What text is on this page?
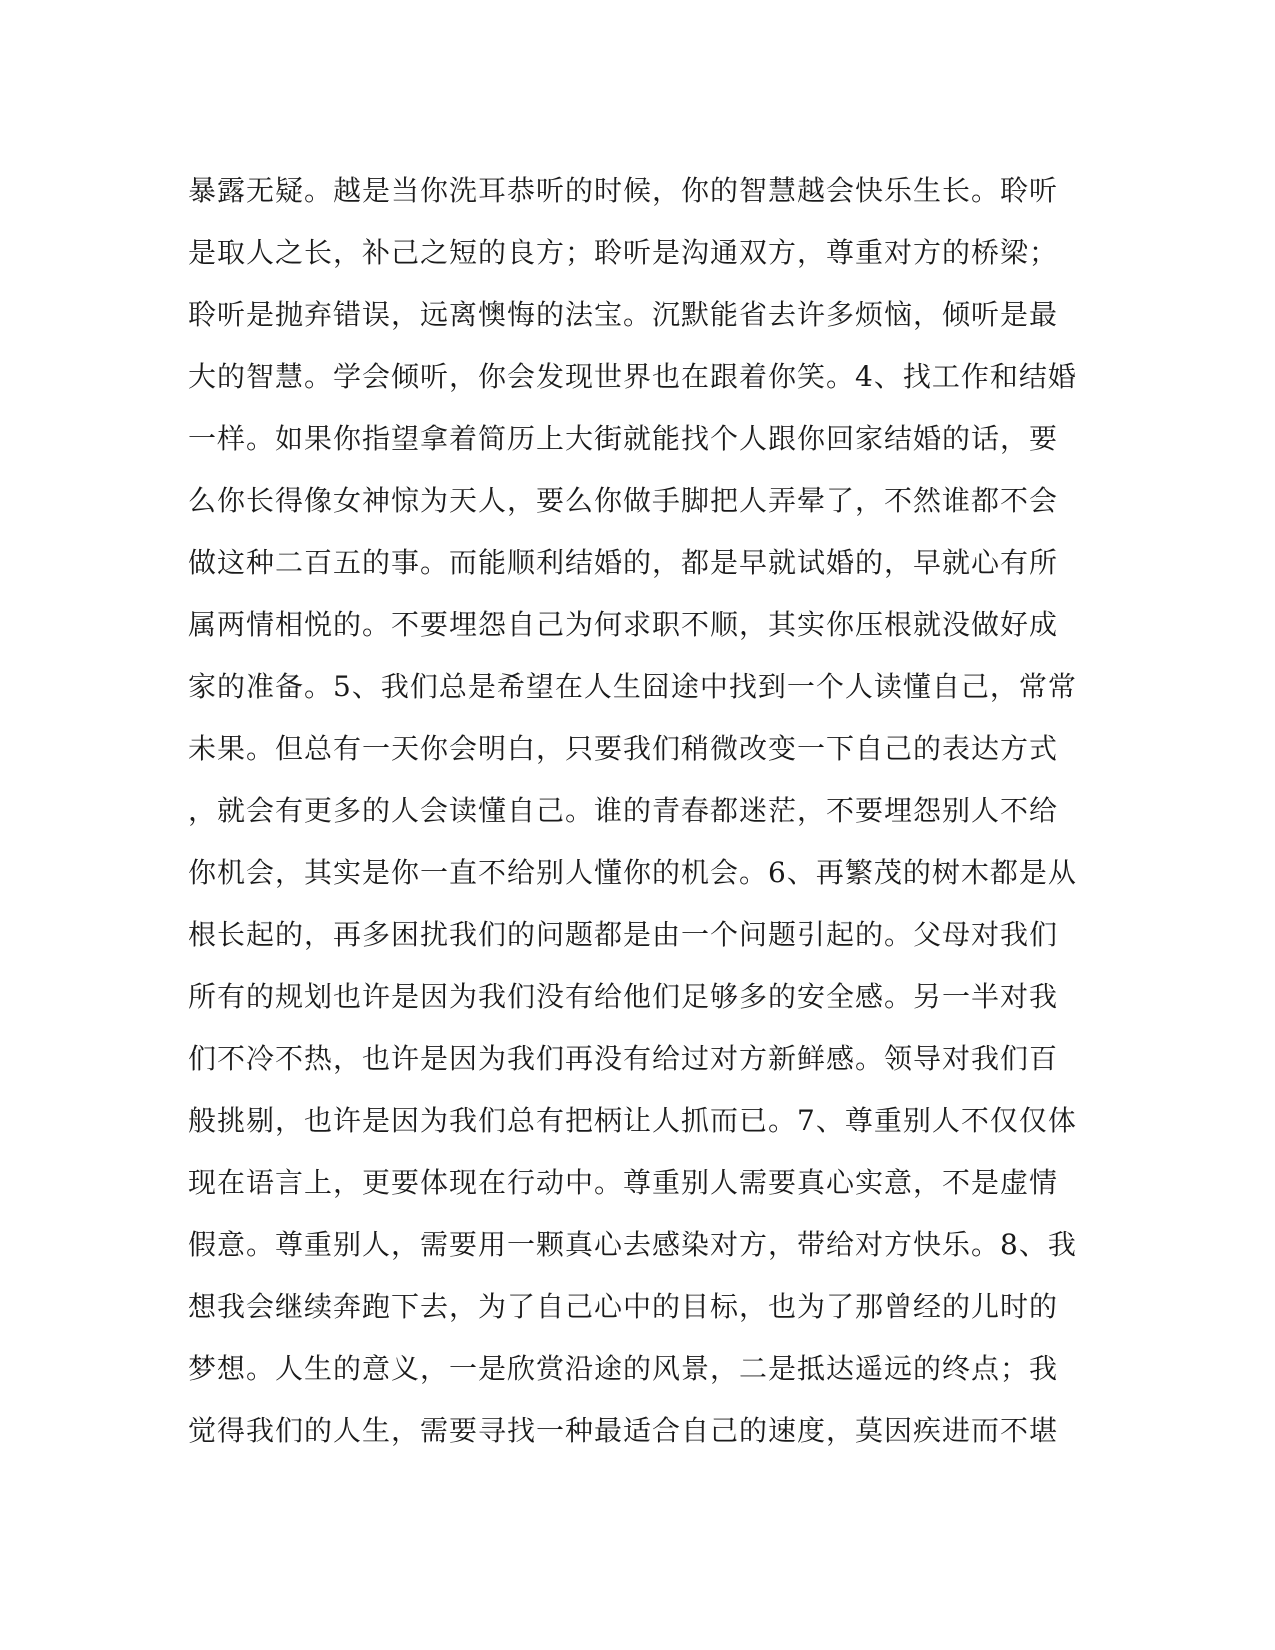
暴露无疑。越是当你洗耳恭听的时候，你的智慧越会快乐生长。聆听
是取人之长，补己之短的良方；聆听是沟通双方，尊重对方的桥梁；
聆听是抛弃错误，远离懊悔的法宝。沉默能省去许多烦恼，倾听是最
大的智慧。学会倾听，你会发现世界也在跟着你笑。4、找工作和结婚
一样。如果你指望拿着简历上大街就能找个人跟你回家结婚的话，要
么你长得像女神惊为天人，要么你做手脚把人弄晕了，不然谁都不会
做这种二百五的事。而能顺利结婚的，都是早就试婚的，早就心有所
属两情相悦的。不要埋怨自己为何求职不顺，其实你压根就没做好成
家的准备。5、我们总是希望在人生囧途中找到一个人读懂自己，常常
未果。但总有一天你会明白，只要我们稍微改变一下自己的表达方式
，就会有更多的人会读懂自己。谁的青春都迷茫，不要埋怨别人不给
你机会，其实是你一直不给别人懂你的机会。6、再繁茂的树木都是从
根长起的，再多困扰我们的问题都是由一个问题引起的。父母对我们
所有的规划也许是因为我们没有给他们足够多的安全感。另一半对我
们不冷不热，也许是因为我们再没有给过对方新鲜感。领导对我们百
般挑剔，也许是因为我们总有把柄让人抓而已。7、尊重别人不仅仅体
现在语言上，更要体现在行动中。尊重别人需要真心实意，不是虚情
假意。尊重别人，需要用一颗真心去感染对方，带给对方快乐。8、我
想我会继续奔跑下去，为了自己心中的目标，也为了那曾经的儿时的
梦想。人生的意义，一是欣赏沿途的风景，二是抵达遥远的终点；我
觉得我们的人生，需要寻找一种最适合自己的速度，莫因疾进而不堪
